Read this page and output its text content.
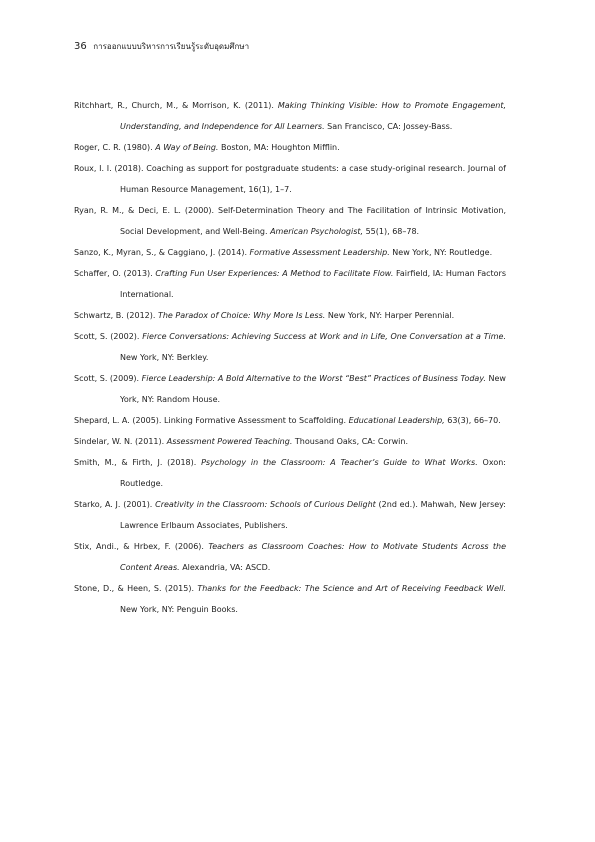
36 การออกแบบบริหารการเรียนรู้ระดับอุดมศึกษา

Ritchhart, R., Church, M., & Morrison, K. (2011). Making Thinking Visible: How to Promote Engagement, Understanding, and Independence for All Learners. San Francisco, CA: Jossey-Bass.

Roger, C. R. (1980). A Way of Being. Boston, MA: Houghton Mifflin.

Roux, I. I. (2018). Coaching as support for postgraduate students: a case study-original research. Journal of Human Resource Management, 16(1), 1–7.

Ryan, R. M., & Deci, E. L. (2000). Self-Determination Theory and The Facilitation of Intrinsic Motivation, Social Development, and Well-Being. American Psychologist, 55(1), 68–78.

Sanzo, K., Myran, S., & Caggiano, J. (2014). Formative Assessment Leadership. New York, NY: Routledge.

Schaffer, O. (2013). Crafting Fun User Experiences: A Method to Facilitate Flow. Fairfield, IA: Human Factors International.

Schwartz, B. (2012). The Paradox of Choice: Why More Is Less. New York, NY: Harper Perennial.

Scott, S. (2002). Fierce Conversations: Achieving Success at Work and in Life, One Conversation at a Time. New York, NY: Berkley.

Scott, S. (2009). Fierce Leadership: A Bold Alternative to the Worst “Best” Practices of Business Today. New York, NY: Random House.

Shepard, L. A. (2005). Linking Formative Assessment to Scaffolding. Educational Leadership, 63(3), 66–70.

Sindelar, W. N. (2011). Assessment Powered Teaching. Thousand Oaks, CA: Corwin.

Smith, M., & Firth, J. (2018). Psychology in the Classroom: A Teacher’s Guide to What Works. Oxon: Routledge.

Starko, A. J. (2001). Creativity in the Classroom: Schools of Curious Delight (2nd ed.). Mahwah, New Jersey: Lawrence Erlbaum Associates, Publishers.

Stix, Andi., & Hrbex, F. (2006). Teachers as Classroom Coaches: How to Motivate Students Across the Content Areas. Alexandria, VA: ASCD.

Stone, D., & Heen, S. (2015). Thanks for the Feedback: The Science and Art of Receiving Feedback Well. New York, NY: Penguin Books.
